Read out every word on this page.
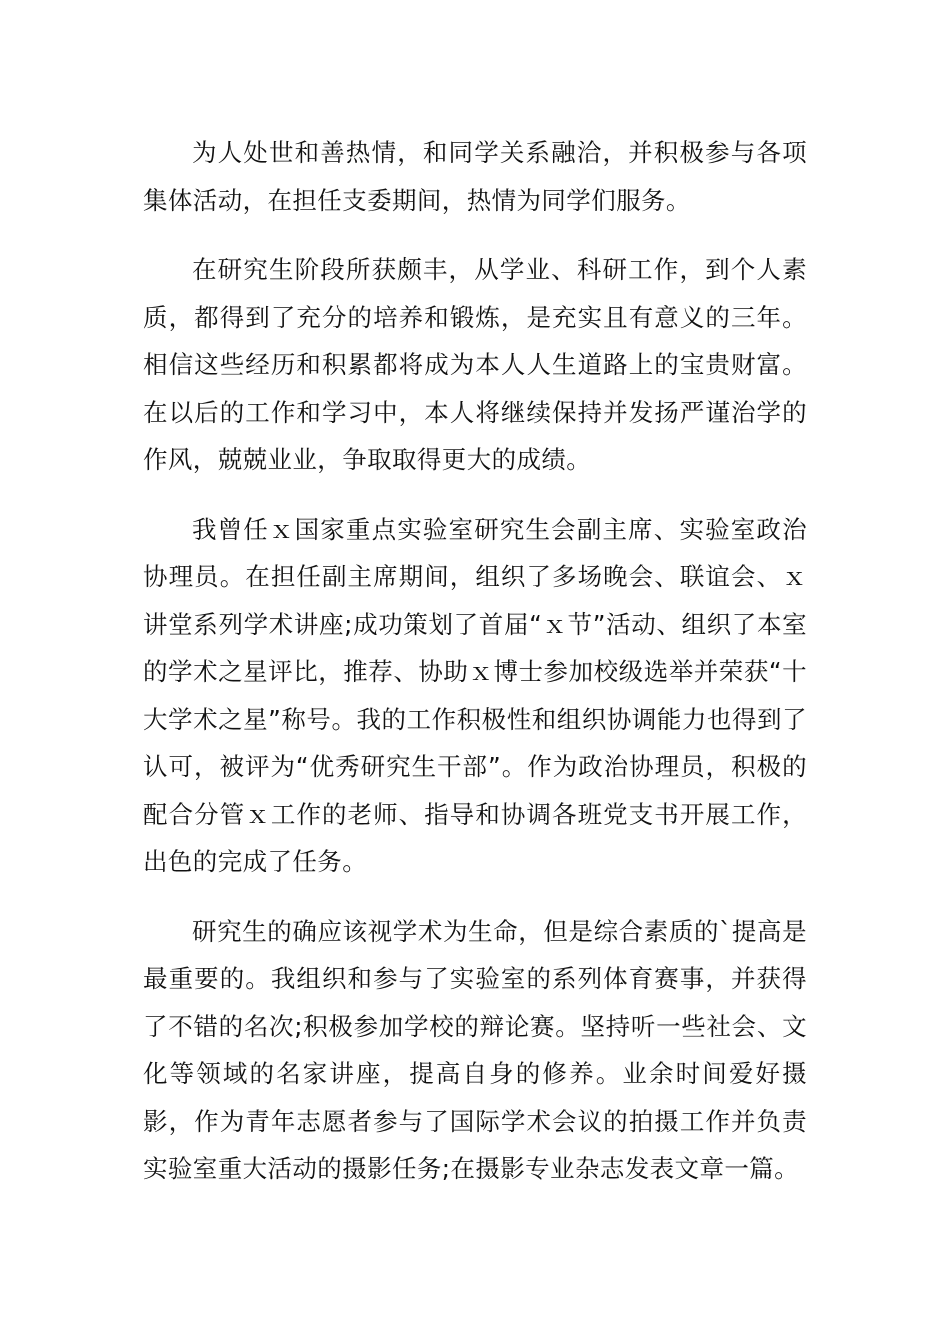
为人处世和善热情，和同学关系融洽，并积极参与各项集体活动，在担任支委期间，热情为同学们服务。

在研究生阶段所获颇丰，从学业、科研工作，到个人素质，都得到了充分的培养和锻炼，是充实且有意义的三年。相信这些经历和积累都将成为本人人生道路上的宝贵财富。在以后的工作和学习中，本人将继续保持并发扬严谨治学的作风，兢兢业业，争取取得更大的成绩。

我曾任ｘ国家重点实验室研究生会副主席、实验室政治协理员。在担任副主席期间，组织了多场晚会、联谊会、ｘ讲堂系列学术讲座;成功策划了首届“ｘ节”活动、组织了本室的学术之星评比，推荐、协助ｘ博士参加校级选举并荣获“十大学术之星”称号。我的工作积极性和组织协调能力也得到了认可，被评为“优秀研究生干部”。作为政治协理员，积极的配合分管ｘ工作的老师、指导和协调各班党支书开展工作，出色的完成了任务。

研究生的确应该视学术为生命，但是综合素质的`提高是最重要的。我组织和参与了实验室的系列体育赛事，并获得了不错的名次;积极参加学校的辩论赛。坚持听一些社会、文化等领域的名家讲座，提高自身的修养。业余时间爱好摄影，作为青年志愿者参与了国际学术会议的拍摄工作并负责实验室重大活动的摄影任务;在摄影专业杂志发表文章一篇。
